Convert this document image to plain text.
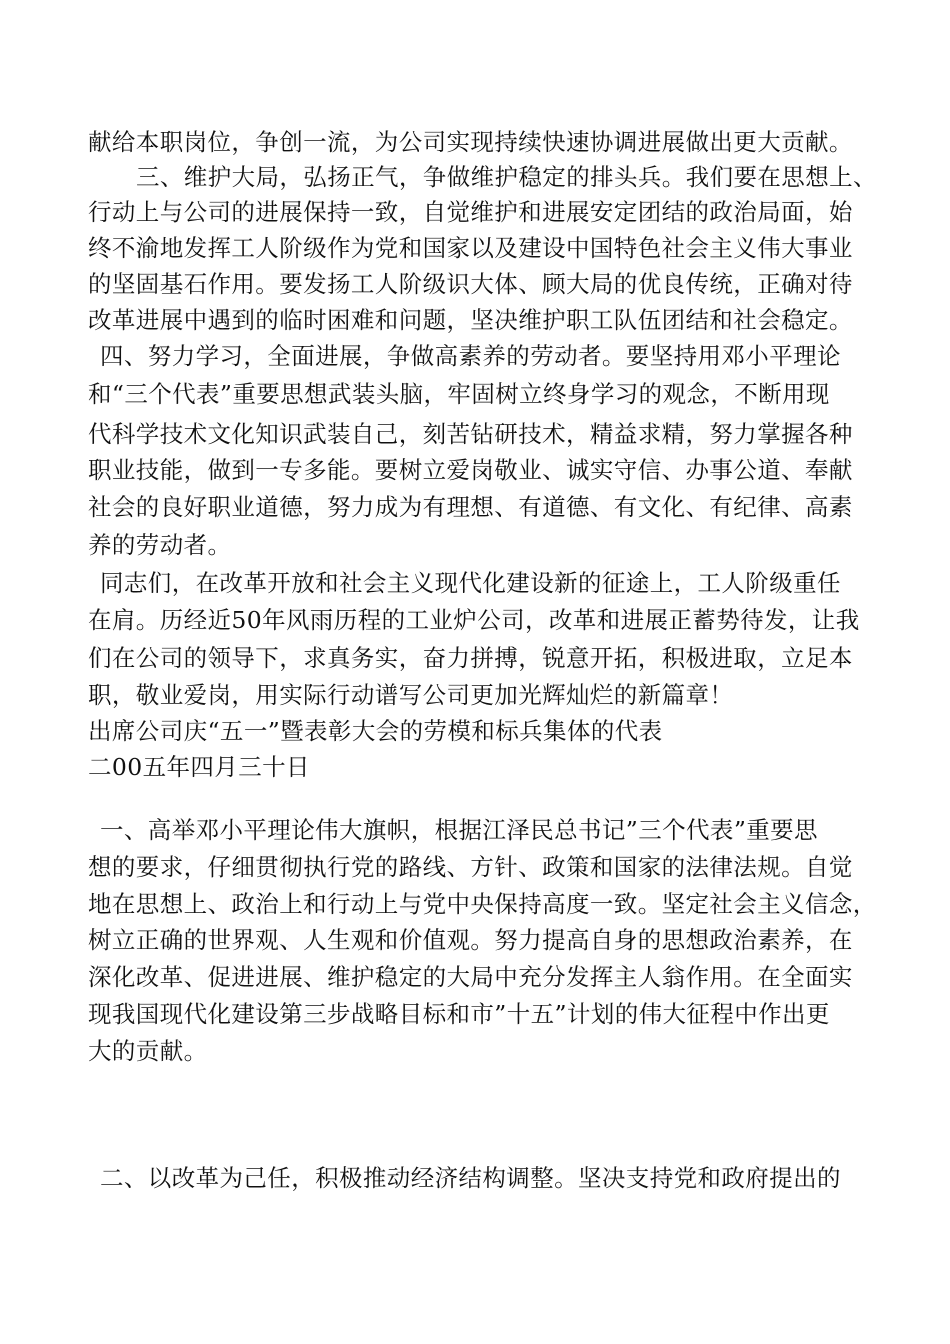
献给本职岗位，争创一流，为公司实现持续快速协调进展做出更大贡献。
三、维护大局，弘扬正气，争做维护稳定的排头兵。我们要在思想上、
行动上与公司的进展保持一致，自觉维护和进展安定团结的政治局面，始
终不渝地发挥工人阶级作为党和国家以及建设中国特色社会主义伟大事业
的坚固基石作用。要发扬工人阶级识大体、顾大局的优良传统，正确对待
改革进展中遇到的临时困难和问题，坚决维护职工队伍团结和社会稳定。
四、努力学习，全面进展，争做高素养的劳动者。要坚持用邓小平理论
和“三个代表”重要思想武装头脑，牢固树立终身学习的观念，不断用现
代科学技术文化知识武装自己，刻苦钻研技术，精益求精，努力掌握各种
职业技能，做到一专多能。要树立爱岗敬业、诚实守信、办事公道、奉献
社会的良好职业道德，努力成为有理想、有道德、有文化、有纪律、高素
养的劳动者。
同志们，在改革开放和社会主义现代化建设新的征途上，工人阶级重任
在肩。历经近50年风雨历程的工业炉公司，改革和进展正蓄势待发，让我
们在公司的领导下，求真务实，奋力拼搏，锐意开拓，积极进取，立足本
职，敬业爱岗，用实际行动谱写公司更加光辉灿烂的新篇章！
出席公司庆“五一”暨表彰大会的劳模和标兵集体的代表
二00五年四月三十日
一、高举邓小平理论伟大旗帜，根据江泽民总书记”三个代表”重要思
想的要求，仔细贯彻执行党的路线、方针、政策和国家的法律法规。自觉
地在思想上、政治上和行动上与党中央保持高度一致。坚定社会主义信念，
树立正确的世界观、人生观和价值观。努力提高自身的思想政治素养，在
深化改革、促进进展、维护稳定的大局中充分发挥主人翁作用。在全面实
现我国现代化建设第三步战略目标和市”十五”计划的伟大征程中作出更
大的贡献。
二、以改革为己任，积极推动经济结构调整。坚决支持党和政府提出的
